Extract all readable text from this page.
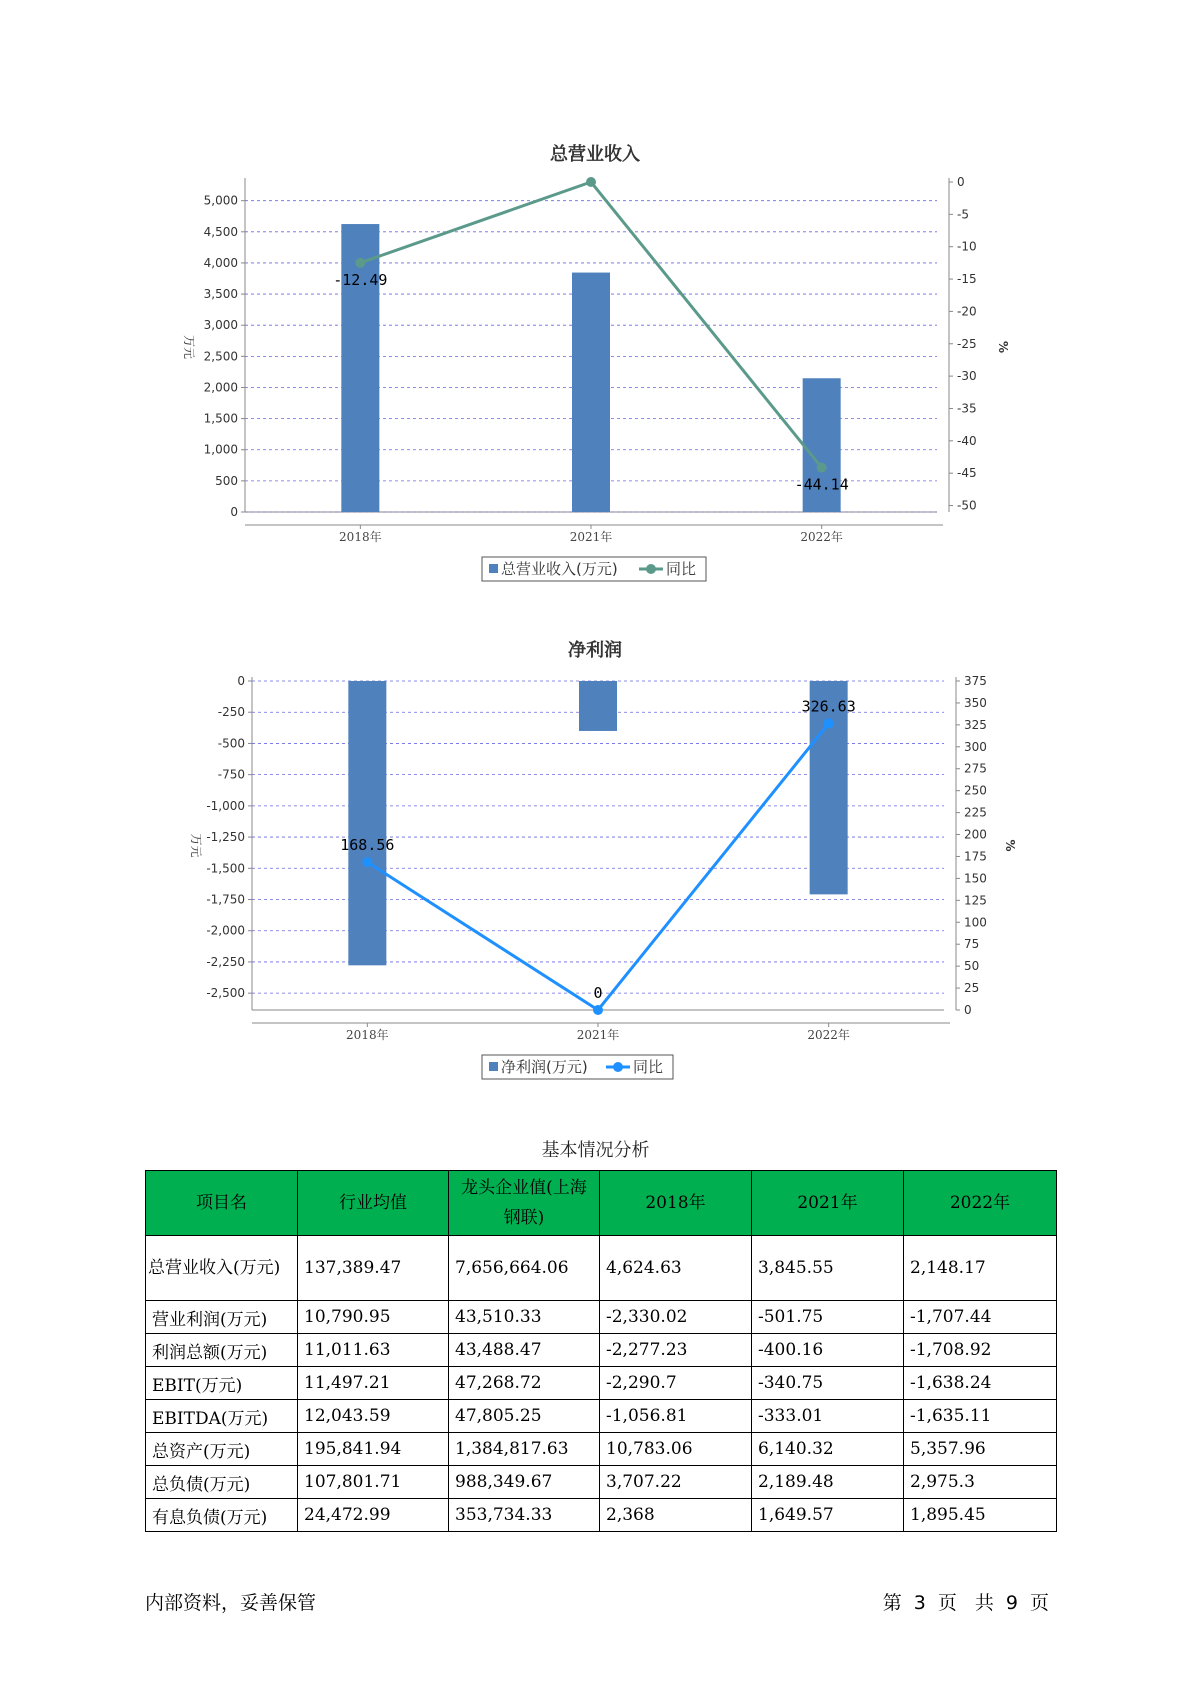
总营业收入
0
500
1,000
1,500
2,000
2,500
3,000
3,500
4,000
4,500
5,000
0
-5
-10
-15
-20
-25
-30
-35
-40
-45
-50
万元	%
2018年	2021年	2022年
-12.49
-44.14
总营业收入(万元)	同比
净利润
0
-250
-500
-750
-1,000
-1,250
-1,500
-1,750
-2,000
-2,250
-2,500
375
350
325
300
275
250
225
200
175
150
125
100
75
50
25
0
万元	%
2018年	2021年	2022年
168.56
0
326.63
净利润(万元)	同比
基本情况分析
项目名	行业均值	龙头企业值(上海钢联)	2018年	2021年	2022年
总营业收入(万元)	137,389.47	7,656,664.06	4,624.63	3,845.55	2,148.17
营业利润(万元)	10,790.95	43,510.33	-2,330.02	-501.75	-1,707.44
利润总额(万元)	11,011.63	43,488.47	-2,277.23	-400.16	-1,708.92
EBIT(万元)	11,497.21	47,268.72	-2,290.7	-340.75	-1,638.24
EBITDA(万元)	12,043.59	47,805.25	-1,056.81	-333.01	-1,635.11
总资产(万元)	195,841.94	1,384,817.63	10,783.06	6,140.32	5,357.96
总负债(万元)	107,801.71	988,349.67	3,707.22	2,189.48	2,975.3
有息负债(万元)	24,472.99	353,734.33	2,368	1,649.57	1,895.45
内部资料，妥善保管	第 3 页 共 9 页
